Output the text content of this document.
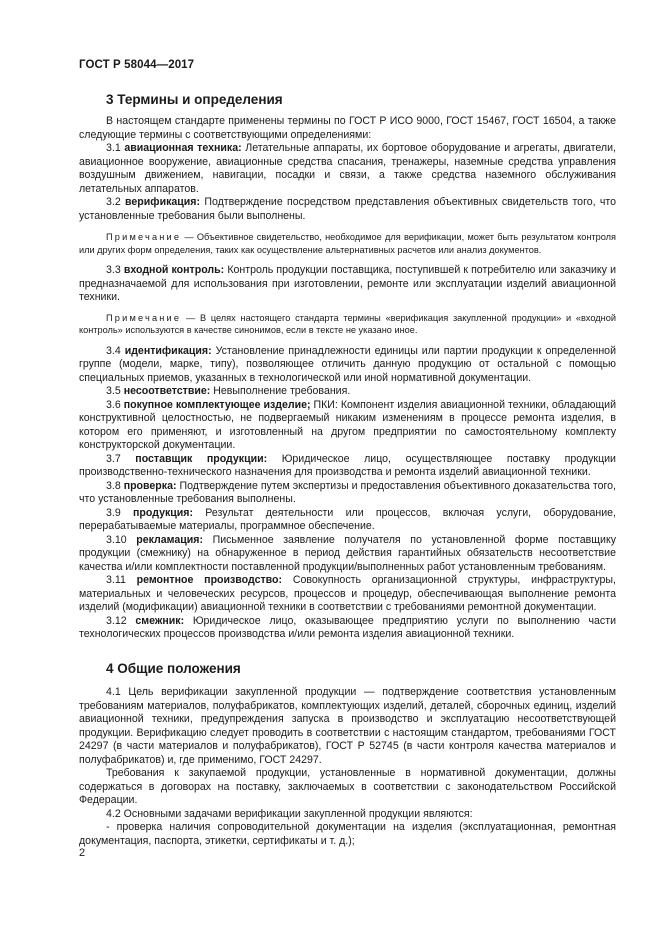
ГОСТ Р 58044—2017
3 Термины и определения

В настоящем стандарте применены термины по ГОСТ Р ИСО 9000, ГОСТ 15467, ГОСТ 16504, а также следующие термины с соответствующими определениями:

3.1 авиационная техника: Летательные аппараты, их бортовое оборудование и агрегаты, двигатели, авиационное вооружение, авиационные средства спасания, тренажеры, наземные средства управления воздушным движением, навигации, посадки и связи, а также средства наземного обслуживания летательных аппаратов.

3.2 верификация: Подтверждение посредством представления объективных свидетельств того, что установленные требования были выполнены.

Примечание — Объективное свидетельство, необходимое для верификации, может быть результатом контроля или других форм определения, таких как осуществление альтернативных расчетов или анализ документов.

3.3 входной контроль: Контроль продукции поставщика, поступившей к потребителю или заказчику и предназначаемой для использования при изготовлении, ремонте или эксплуатации изделий авиационной техники.

Примечание — В целях настоящего стандарта термины «верификация закупленной продукции» и «входной контроль» используются в качестве синонимов, если в тексте не указано иное.

3.4 идентификация: Установление принадлежности единицы или партии продукции к определенной группе (модели, марке, типу), позволяющее отличить данную продукцию от остальной с помощью специальных приемов, указанных в технологической или иной нормативной документации.

3.5 несоответствие: Невыполнение требования.

3.6 покупное комплектующее изделие; ПКИ: Компонент изделия авиационной техники, обладающий конструктивной целостностью, не подвергаемый никаким изменениям в процессе ремонта изделия, в котором его применяют, и изготовленный на другом предприятии по самостоятельному комплекту конструкторской документации.

3.7 поставщик продукции: Юридическое лицо, осуществляющее поставку продукции производственно-технического назначения для производства и ремонта изделий авиационной техники.

3.8 проверка: Подтверждение путем экспертизы и предоставления объективного доказательства того, что установленные требования выполнены.

3.9 продукция: Результат деятельности или процессов, включая услуги, оборудование, перерабатываемые материалы, программное обеспечение.

3.10 рекламация: Письменное заявление получателя по установленной форме поставщику продукции (смежнику) на обнаруженное в период действия гарантийных обязательств несоответствие качества и/или комплектности поставленной продукции/выполненных работ установленным требованиям.

3.11 ремонтное производство: Совокупность организационной структуры, инфраструктуры, материальных и человеческих ресурсов, процессов и процедур, обеспечивающая выполнение ремонта изделий (модификации) авиационной техники в соответствии с требованиями ремонтной документации.

3.12 смежник: Юридическое лицо, оказывающее предприятию услуги по выполнению части технологических процессов производства и/или ремонта изделия авиационной техники.

4 Общие положения

4.1 Цель верификации закупленной продукции — подтверждение соответствия установленным требованиям материалов, полуфабрикатов, комплектующих изделий, деталей, сборочных единиц, изделий авиационной техники, предупреждения запуска в производство и эксплуатацию несоответствующей продукции. Верификацию следует проводить в соответствии с настоящим стандартом, требованиями ГОСТ 24297 (в части материалов и полуфабрикатов), ГОСТ Р 52745 (в части контроля качества материалов и полуфабрикатов) и, где применимо, ГОСТ 24297.

Требования к закупаемой продукции, установленные в нормативной документации, должны содержаться в договорах на поставку, заключаемых в соответствии с законодательством Российской Федерации.

4.2 Основными задачами верификации закупленной продукции являются:

- проверка наличия сопроводительной документации на изделия (эксплуатационная, ремонтная документация, паспорта, этикетки, сертификаты и т. д.);

2
